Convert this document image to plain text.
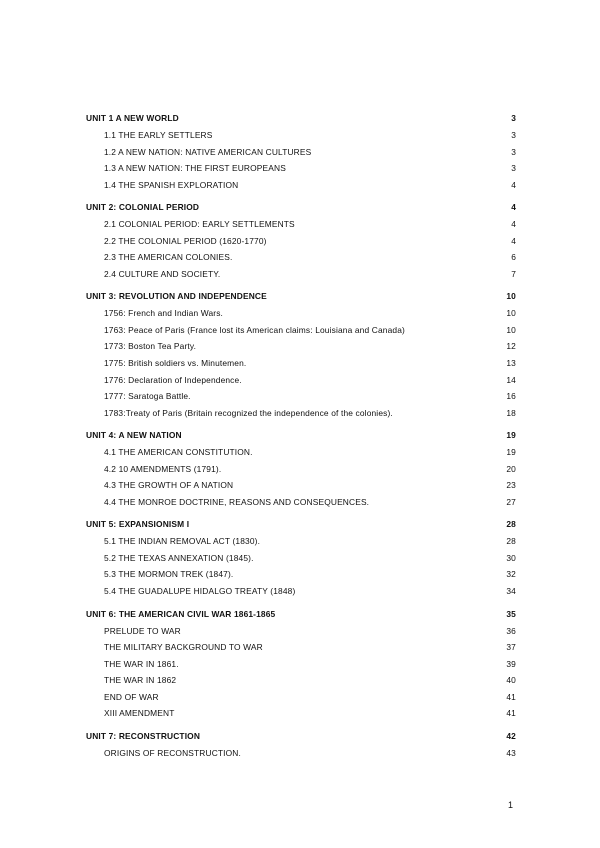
UNIT 1 A NEW WORLD	3
1.1 THE EARLY SETTLERS	3
1.2 A NEW NATION: NATIVE AMERICAN CULTURES	3
1.3 A NEW NATION: THE FIRST EUROPEANS	3
1.4 THE SPANISH EXPLORATION	4
UNIT 2: COLONIAL PERIOD	4
2.1 COLONIAL PERIOD: EARLY SETTLEMENTS	4
2.2 THE COLONIAL PERIOD (1620-1770)	4
2.3 THE AMERICAN COLONIES.	6
2.4 CULTURE AND SOCIETY.	7
UNIT 3: REVOLUTION AND INDEPENDENCE	10
1756: French and Indian Wars.	10
1763: Peace of Paris (France lost its American claims: Louisiana and Canada)	10
1773: Boston Tea Party.	12
1775: British soldiers vs. Minutemen.	13
1776: Declaration of Independence.	14
1777: Saratoga Battle.	16
1783:Treaty of Paris (Britain recognized the independence of the colonies).	18
UNIT 4: A NEW NATION	19
4.1 THE AMERICAN CONSTITUTION.	19
4.2 10 AMENDMENTS (1791).	20
4.3 THE GROWTH OF A NATION	23
4.4 THE MONROE DOCTRINE, REASONS AND CONSEQUENCES.	27
UNIT 5: EXPANSIONISM I	28
5.1 THE INDIAN REMOVAL ACT (1830).	28
5.2 THE TEXAS ANNEXATION (1845).	30
5.3 THE MORMON TREK (1847).	32
5.4 THE GUADALUPE HIDALGO TREATY (1848)	34
UNIT 6: THE AMERICAN CIVIL WAR 1861-1865	35
PRELUDE TO WAR	36
THE MILITARY BACKGROUND TO WAR	37
THE WAR IN 1861.	39
THE WAR IN 1862	40
END OF WAR	41
XIII AMENDMENT	41
UNIT 7: RECONSTRUCTION	42
ORIGINS OF RECONSTRUCTION.	43
1
